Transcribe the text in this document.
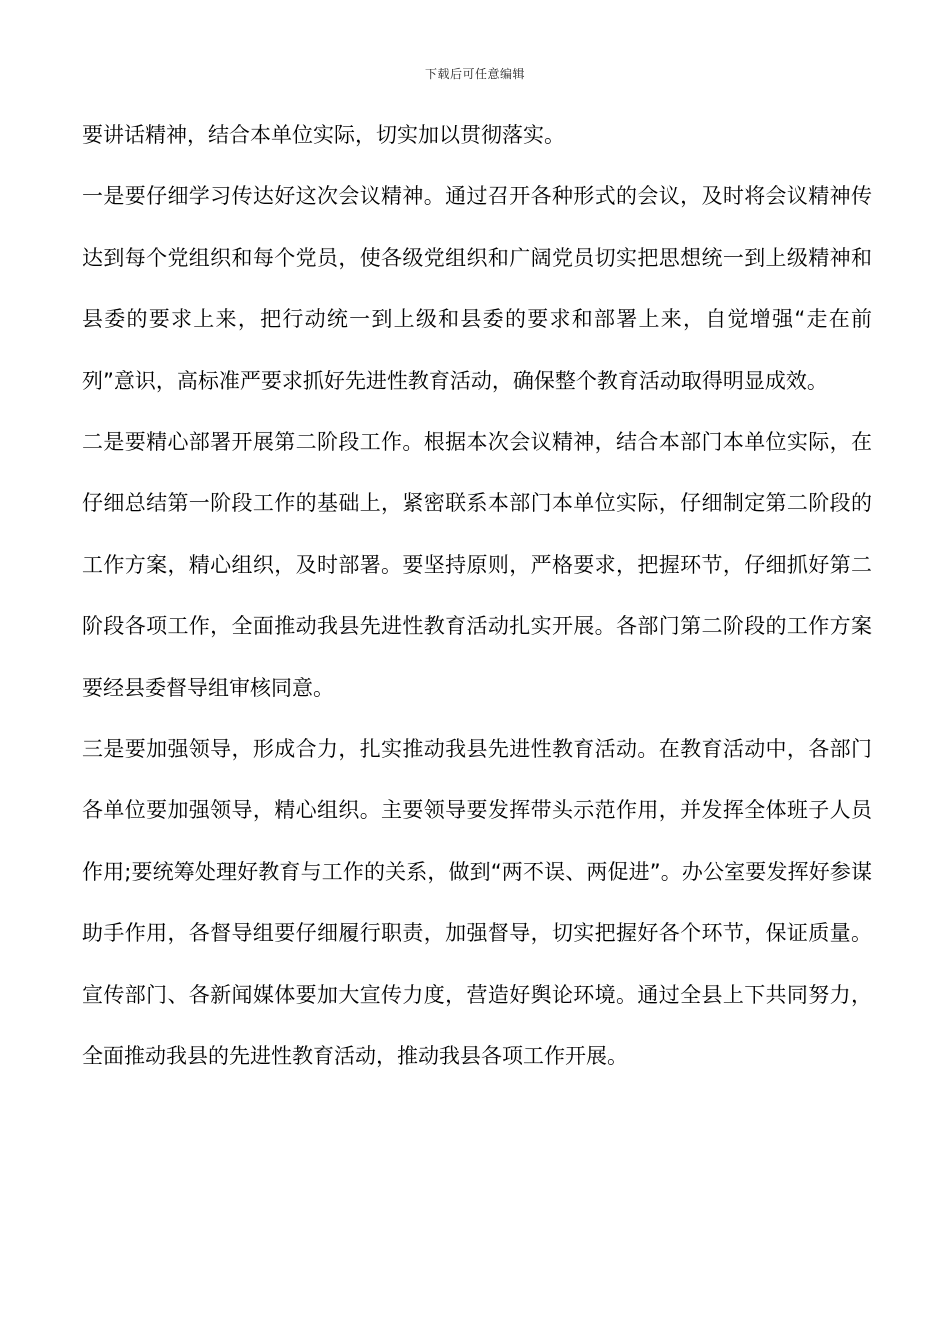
下载后可任意编辑

要讲话精神，结合本单位实际，切实加以贯彻落实。

一是要仔细学习传达好这次会议精神。通过召开各种形式的会议，及时将会议精神传达到每个党组织和每个党员，使各级党组织和广阔党员切实把思想统一到上级精神和县委的要求上来，把行动统一到上级和县委的要求和部署上来，自觉增强“走在前列”意识，高标准严要求抓好先进性教育活动，确保整个教育活动取得明显成效。

二是要精心部署开展第二阶段工作。根据本次会议精神，结合本部门本单位实际，在仔细总结第一阶段工作的基础上，紧密联系本部门本单位实际，仔细制定第二阶段的工作方案，精心组织，及时部署。要坚持原则，严格要求，把握环节，仔细抓好第二阶段各项工作，全面推动我县先进性教育活动扎实开展。各部门第二阶段的工作方案要经县委督导组审核同意。

三是要加强领导，形成合力，扎实推动我县先进性教育活动。在教育活动中，各部门各单位要加强领导，精心组织。主要领导要发挥带头示范作用，并发挥全体班子人员作用;要统筹处理好教育与工作的关系，做到“两不误、两促进”。办公室要发挥好参谋助手作用，各督导组要仔细履行职责，加强督导，切实把握好各个环节，保证质量。宣传部门、各新闻媒体要加大宣传力度，营造好舆论环境。通过全县上下共同努力，全面推动我县的先进性教育活动，推动我县各项工作开展。
